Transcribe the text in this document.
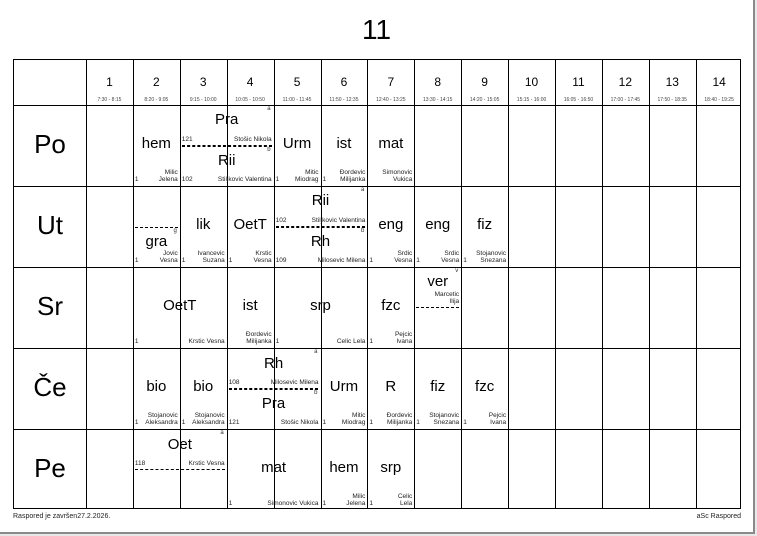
11
1
7:30 - 8:15
2
8:20 - 9:05
3
9:15 - 10:00
4
10:05 - 10:50
5
11:00 - 11:45
6
11:50 - 12:35
7
12:40 - 13:25
8
13:30 - 14:15
9
14:20 - 15:05
10
15:15 - 16:00
11
16:05 - 16:50
12
17:00 - 17:45
13
17:50 - 18:35
14
18:40 - 19:25
Po
Ut
Sr
Če
Pe
hem
Milic
Jelena
1
Pra
Stošic Nikola
121
a
Rii
Stiljkovic Valentina
102
b Urm
Mitic
Miodrag
1
ist
Đordevic
Milijanka
1
mat
Simonovic
Vukica
gra
Jovic
Vesna
1
g	lik
Ivancevic
Suzana
1
OetT
Krstic
Vesna
1
Rii
Stiljkovic Valentina
102
a
Rh
Milosevic Milena
109
b eng
Srdic
Vesna
1
eng
Srdic
Vesna
1
fiz
Stojanovic
Snezana
1
OetT
Krstic Vesna
1
ist
Đordevic
Milijanka
srp
Celic Lela
1
fzc
Pejcic
Ivana
1
ver
Marcetic
Ilija
v
bio
Stojanovic
Aleksandra
1
bio
Stojanovic
Aleksandra
1
Rh
Milosevic Milena
108
a
Pra
Stošic Nikola
121
b Urm
Mitic
Miodrag
1
R
Đordevic
Milijanka
1
fiz
Stojanovic
Snezana
1
fzc
Pejcic
Ivana
1
Oet
Krstic Vesna
118
a
mat
Simonovic Vukica
1
hem
Milic
Jelena
1
srp
Celic
Lela
1
Raspored je završen27.2.2026.	aSc Raspored
